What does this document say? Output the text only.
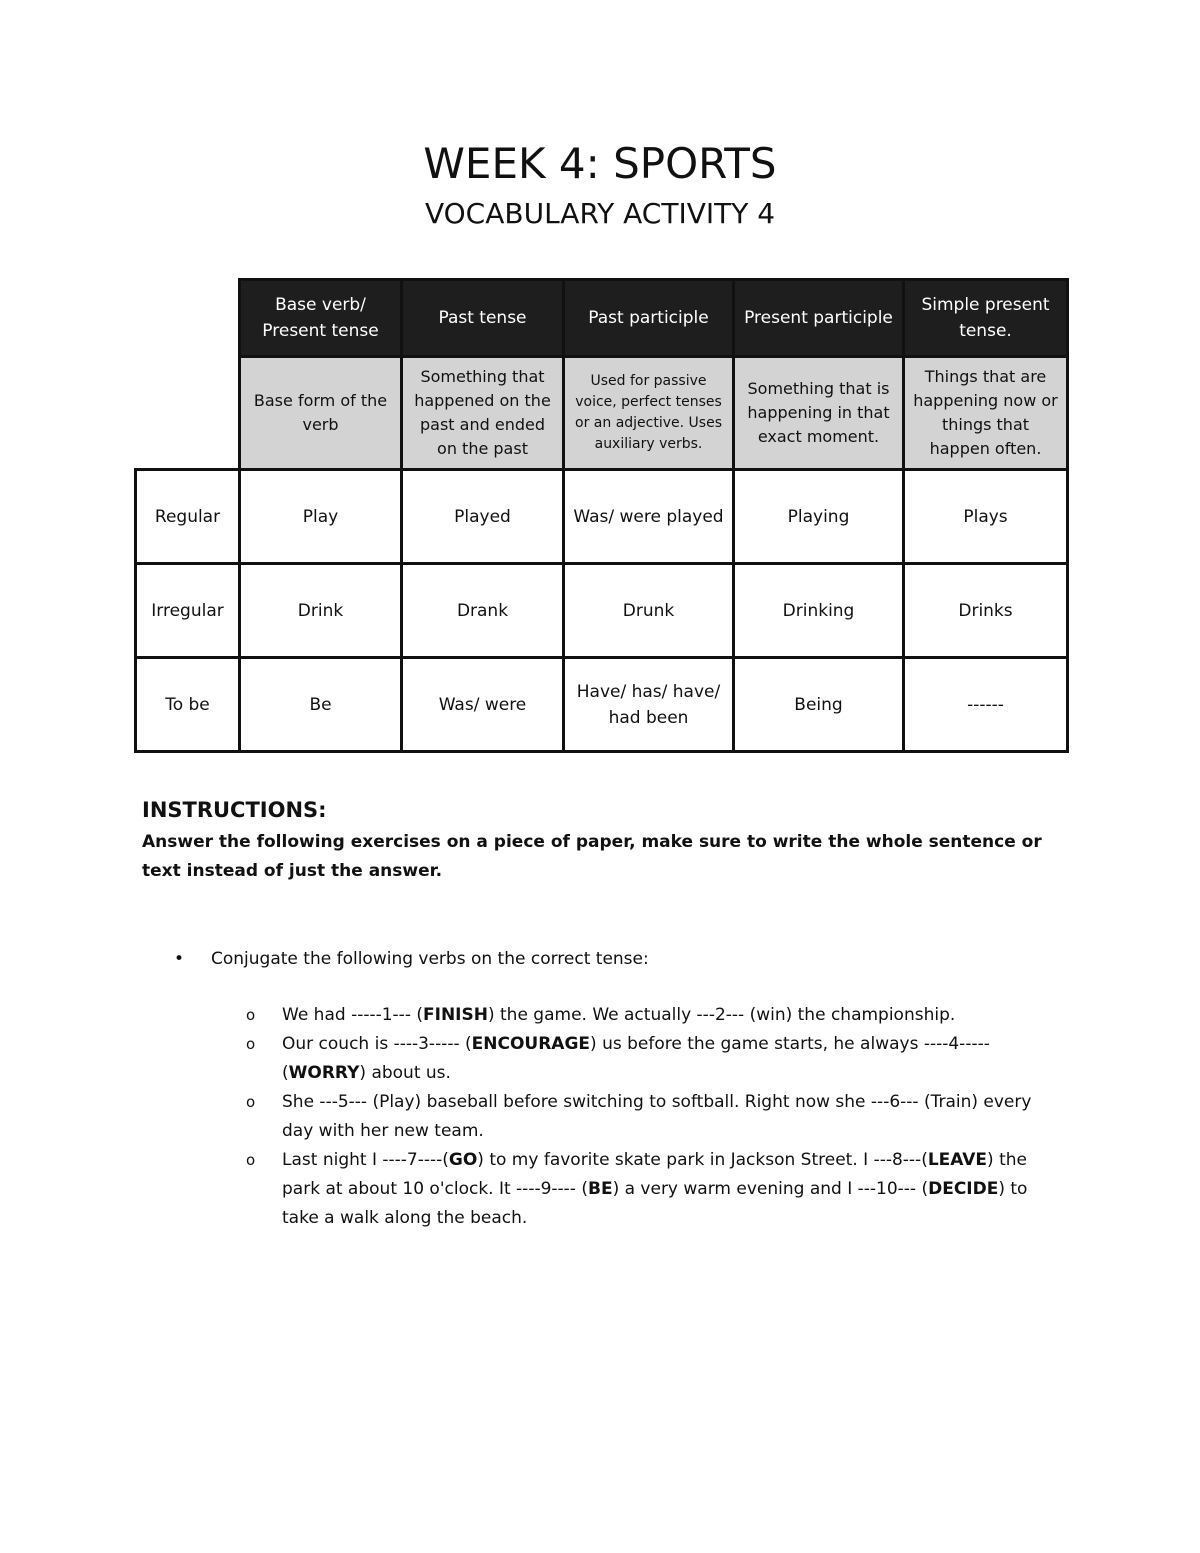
WEEK 4: SPORTS
VOCABULARY ACTIVITY 4
	Base verb/ Present tense	Past tense	Past participle	Present participle	Simple present tense.
	Base form of the verb	Something that happened on the past and ended on the past	Used for passive voice, perfect tenses or an adjective. Uses auxiliary verbs.	Something that is happening in that exact moment.	Things that are happening now or things that happen often.
Regular	Play	Played	Was/ were played	Playing	Plays
Irregular	Drink	Drank	Drunk	Drinking	Drinks
To be	Be	Was/ were	Have/ has/ have/ had been	Being	------
INSTRUCTIONS:
Answer the following exercises on a piece of paper, make sure to write the whole sentence or text instead of just the answer.
• Conjugate the following verbs on the correct tense:
o We had -----1--- (FINISH) the game. We actually ---2--- (win) the championship.
o Our couch is ----3----- (ENCOURAGE) us before the game starts, he always ----4----- (WORRY) about us.
o She ---5--- (Play) baseball before switching to softball. Right now she ---6--- (Train) every day with her new team.
o Last night I ----7----(GO) to my favorite skate park in Jackson Street. I ---8---(LEAVE) the park at about 10 o'clock. It ----9---- (BE) a very warm evening and I ---10--- (DECIDE) to take a walk along the beach.
